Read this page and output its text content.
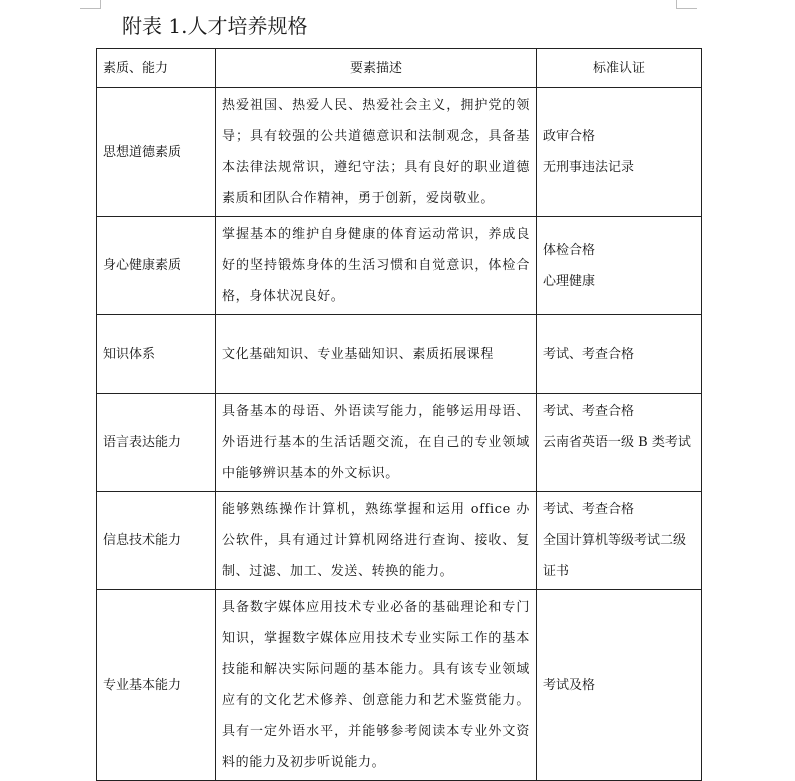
附表 1.人才培养规格
素质、能力	要素描述	标准认证
思想道德素质	热爱祖国、热爱人民、热爱社会主义，拥护党的领导；具有较强的公共道德意识和法制观念，具备基本法律法规常识，遵纪守法；具有良好的职业道德素质和团队合作精神，勇于创新，爱岗敬业。	政审合格
无刑事违法记录

身心健康素质	掌握基本的维护自身健康的体育运动常识，养成良好的坚持锻炼身体的生活习惯和自觉意识，体检合格，身体状况良好。	体检合格
心理健康

知识体系	文化基础知识、专业基础知识、素质拓展课程	考试、考查合格

语言表达能力	具备基本的母语、外语读写能力，能够运用母语、外语进行基本的生活话题交流，在自己的专业领域中能够辨识基本的外文标识。	考试、考查合格
云南省英语一级 B 类考试

信息技术能力	能够熟练操作计算机，熟练掌握和运用 office 办公软件，具有通过计算机网络进行查询、接收、复制、过滤、加工、发送、转换的能力。	考试、考查合格
全国计算机等级考试二级证书

专业基本能力	具备数字媒体应用技术专业必备的基础理论和专门知识，掌握数字媒体应用技术专业实际工作的基本技能和解决实际问题的基本能力。具有该专业领域应有的文化艺术修养、创意能力和艺术鉴赏能力。具有一定外语水平，并能够参考阅读本专业外文资料的能力及初步听说能力。	考试及格
